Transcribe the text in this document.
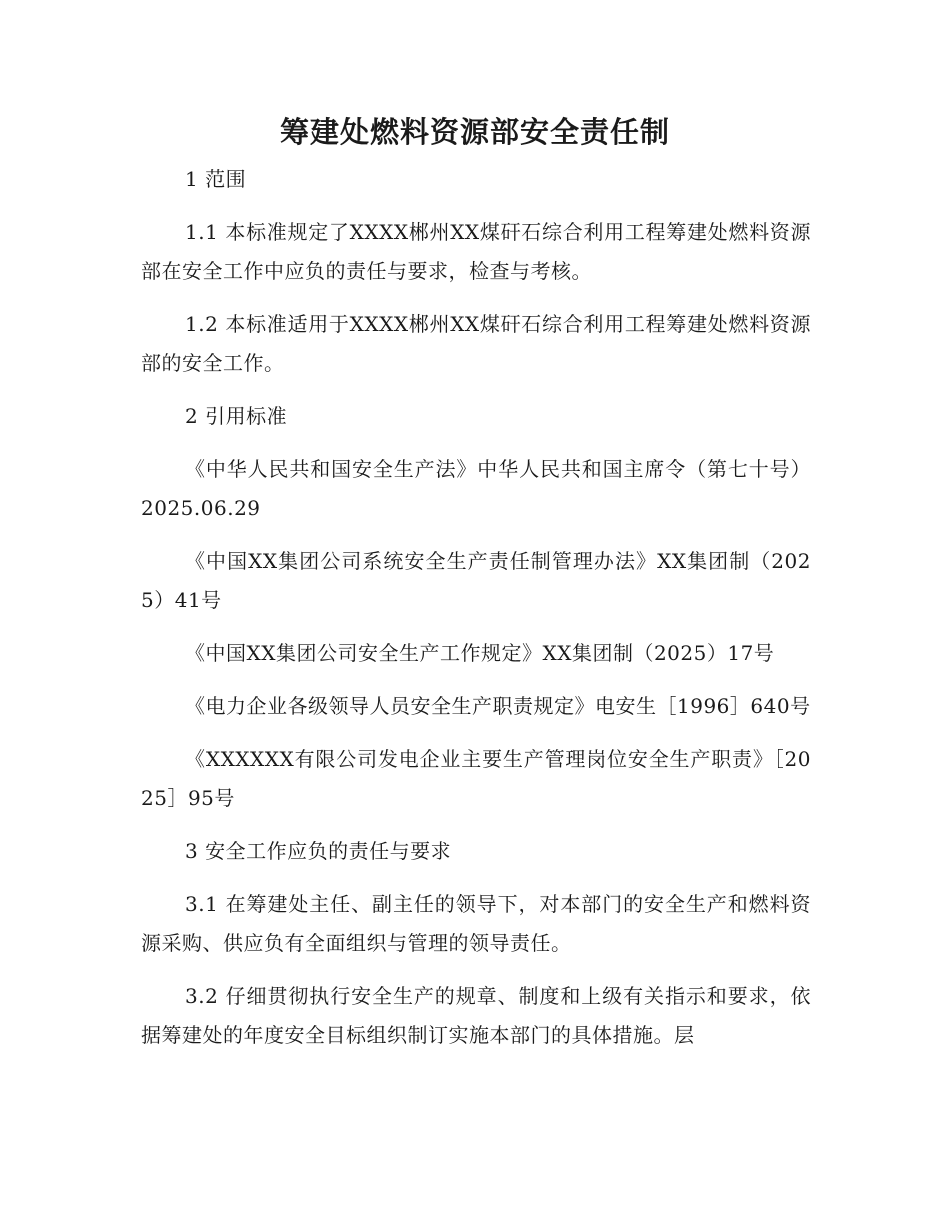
筹建处燃料资源部安全责任制

1 范围

1.1 本标准规定了XXXX郴州XX煤矸石综合利用工程筹建处燃料资源部在安全工作中应负的责任与要求，检查与考核。

1.2 本标准适用于XXXX郴州XX煤矸石综合利用工程筹建处燃料资源部的安全工作。

2 引用标准

《中华人民共和国安全生产法》中华人民共和国主席令（第七十号）2025.06.29

《中国XX集团公司系统安全生产责任制管理办法》XX集团制（2025）41号

《中国XX集团公司安全生产工作规定》XX集团制（2025）17号

《电力企业各级领导人员安全生产职责规定》电安生［1996］640号

《XXXXXX有限公司发电企业主要生产管理岗位安全生产职责》［2025］95号

3 安全工作应负的责任与要求

3.1 在筹建处主任、副主任的领导下，对本部门的安全生产和燃料资源采购、供应负有全面组织与管理的领导责任。

3.2 仔细贯彻执行安全生产的规章、制度和上级有关指示和要求，依据筹建处的年度安全目标组织制订实施本部门的具体措施。层
